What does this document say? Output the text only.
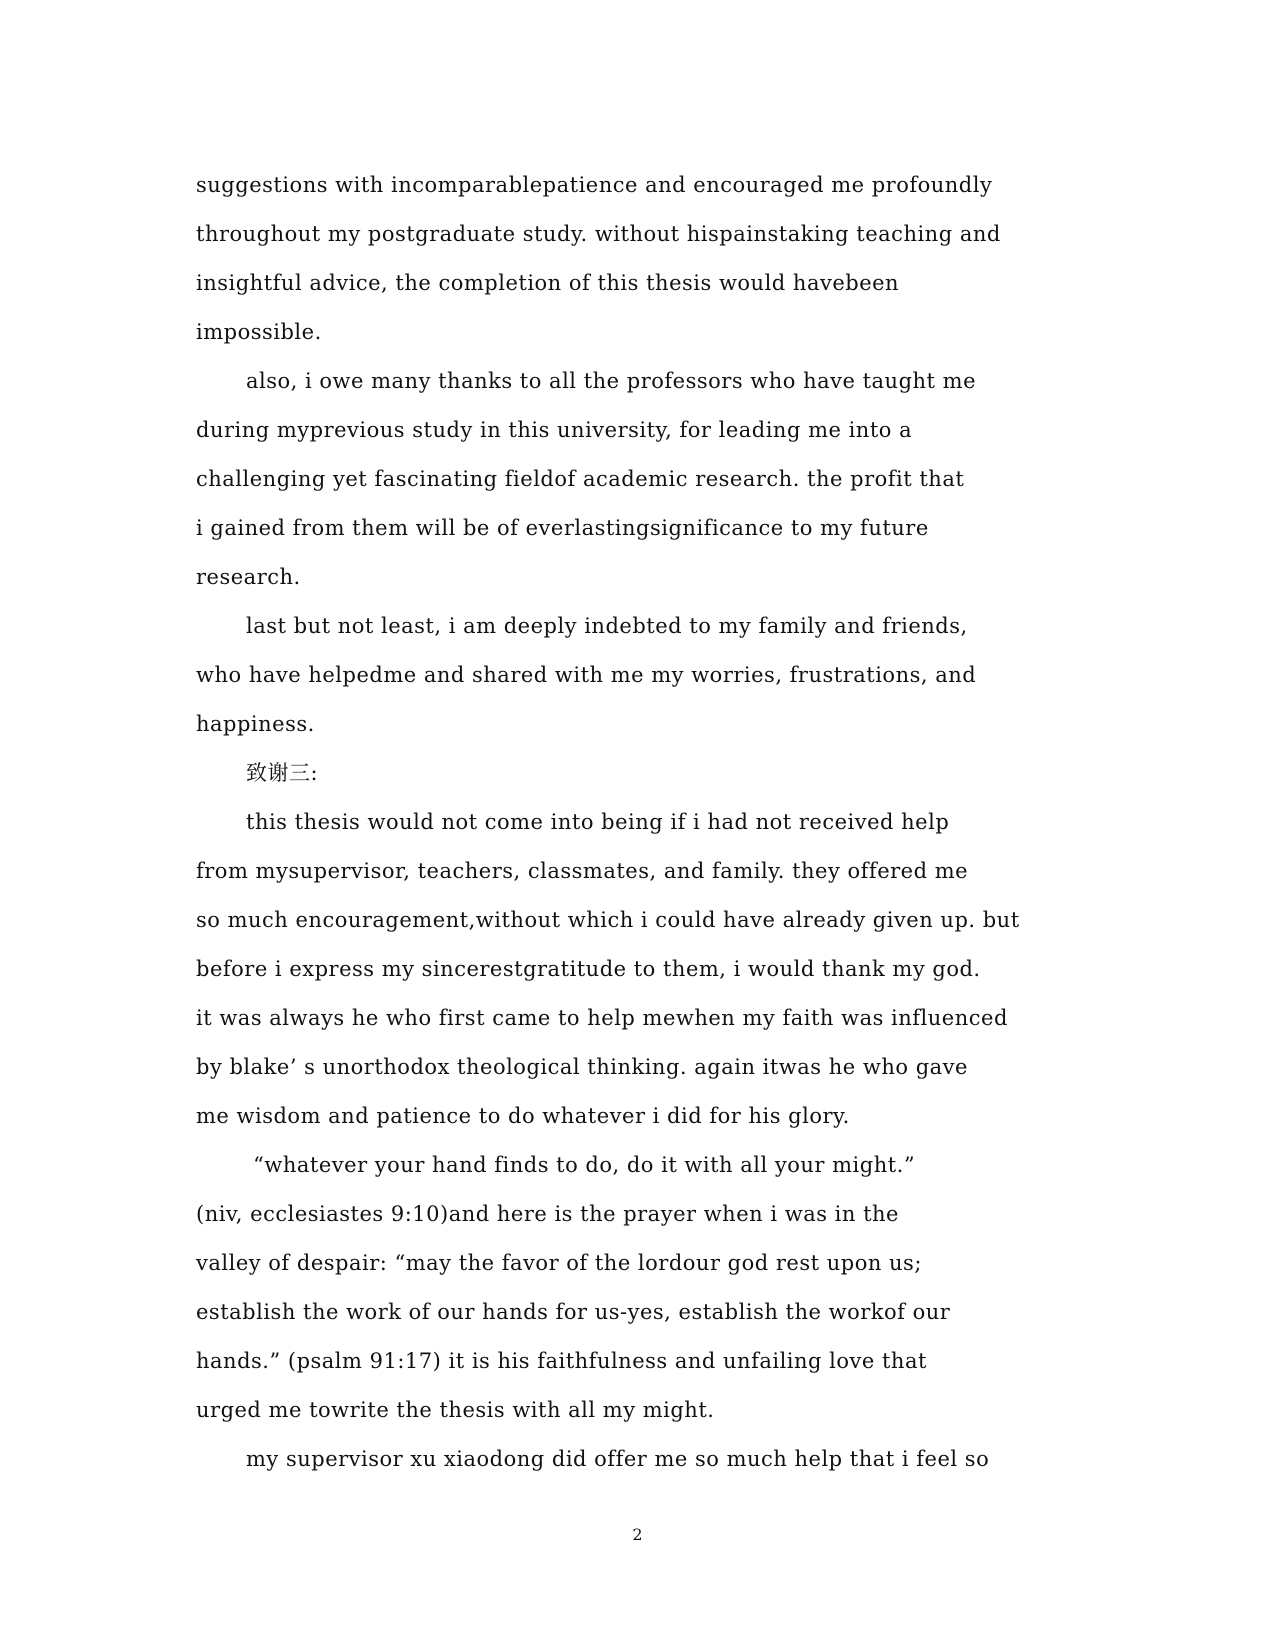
suggestions with incomparablepatience and encouraged me profoundly
throughout my postgraduate study. without hispainstaking teaching and
insightful advice, the completion of this thesis would havebeen
impossible.
also, i owe many thanks to all the professors who have taught me
during myprevious study in this university, for leading me into a
challenging yet fascinating fieldof academic research. the profit that
i gained from them will be of everlastingsignificance to my future
research.
last but not least, i am deeply indebted to my family and friends,
who have helpedme and shared with me my worries, frustrations, and
happiness.
致谢三:
this thesis would not come into being if i had not received help
from mysupervisor, teachers, classmates, and family. they offered me
so much encouragement,without which i could have already given up. but
before i express my sincerestgratitude to them, i would thank my god.
it was always he who first came to help mewhen my faith was influenced
by blake’ s unorthodox theological thinking. again itwas he who gave
me wisdom and patience to do whatever i did for his glory.
“whatever your hand finds to do, do it with all your might.”
(niv, ecclesiastes 9:10)and here is the prayer when i was in the
valley of despair: “may the favor of the lordour god rest upon us;
establish the work of our hands for us-yes, establish the workof our
hands.” (psalm 91:17) it is his faithfulness and unfailing love that
urged me towrite the thesis with all my might.
my supervisor xu xiaodong did offer me so much help that i feel so
2
